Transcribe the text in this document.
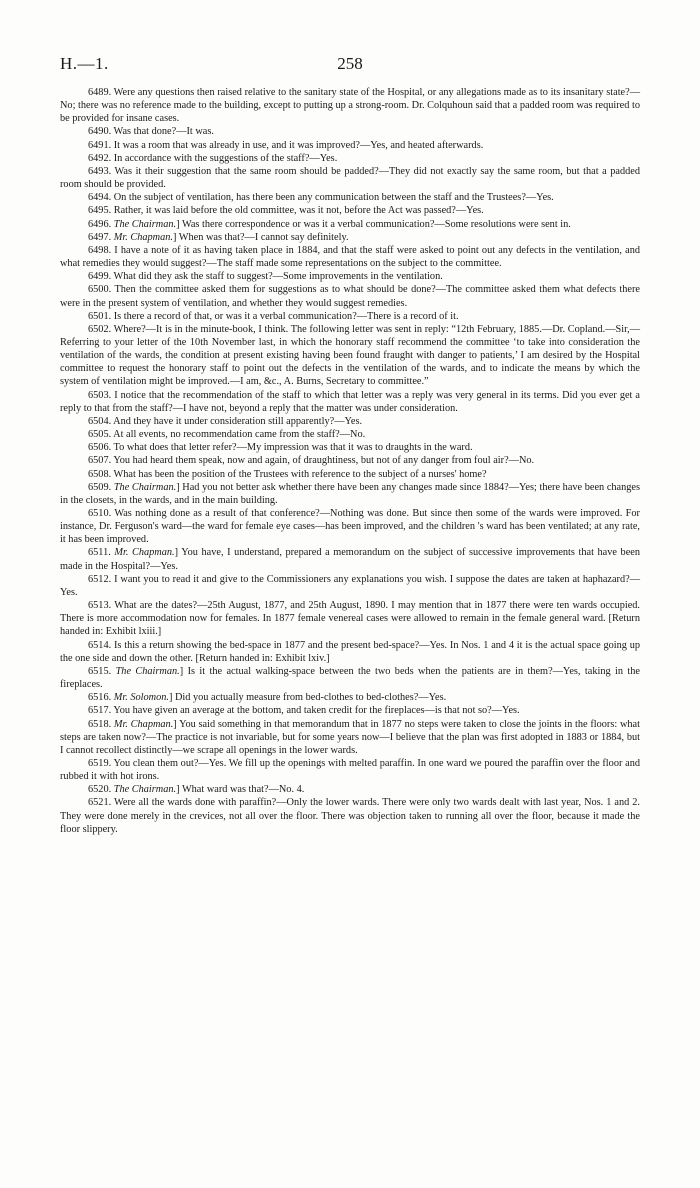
H.—1.	258

6489. Were any questions then raised relative to the sanitary state of the Hospital, or any allegations made as to its insanitary state?—No; there was no reference made to the building, except to putting up a strong-room. Dr. Colquhoun said that a padded room was required to be provided for insane cases.

6490. Was that done?—It was.

6491. It was a room that was already in use, and it was improved?—Yes, and heated afterwards.

6492. In accordance with the suggestions of the staff?—Yes.

6493. Was it their suggestion that the same room should be padded?—They did not exactly say the same room, but that a padded room should be provided.

6494. On the subject of ventilation, has there been any communication between the staff and the Trustees?—Yes.

6495. Rather, it was laid before the old committee, was it not, before the Act was passed?—Yes.

6496. The Chairman.] Was there correspondence or was it a verbal communication?—Some resolutions were sent in.

6497. Mr. Chapman.] When was that?—I cannot say definitely.

6498. I have a note of it as having taken place in 1884, and that the staff were asked to point out any defects in the ventilation, and what remedies they would suggest?—The staff made some representations on the subject to the committee.

6499. What did they ask the staff to suggest?—Some improvements in the ventilation.

6500. Then the committee asked them for suggestions as to what should be done?—The committee asked them what defects there were in the present system of ventilation, and whether they would suggest remedies.

6501. Is there a record of that, or was it a verbal communication?—There is a record of it.

6502. Where?—It is in the minute-book, I think. The following letter was sent in reply: “12th February, 1885.—Dr. Copland.—Sir,—Referring to your letter of the 10th November last, in which the honorary staff recommend the committee ‘to take into consideration the ventilation of the wards, the condition at present existing having been found fraught with danger to patients,’ I am desired by the Hospital committee to request the honorary staff to point out the defects in the ventilation of the wards, and to indicate the means by which the system of ventilation might be improved.—I am, &c., A. Burns, Secretary to committee.”

6503. I notice that the recommendation of the staff to which that letter was a reply was very general in its terms. Did you ever get a reply to that from the staff?—I have not, beyond a reply that the matter was under consideration.

6504. And they have it under consideration still apparently?—Yes.

6505. At all events, no recommendation came from the staff?—No.

6506. To what does that letter refer?—My impression was that it was to draughts in the ward.

6507. You had heard them speak, now and again, of draughtiness, but not of any danger from foul air?—No.

6508. What has been the position of the Trustees with reference to the subject of a nurses' home?

6509. The Chairman.] Had you not better ask whether there have been any changes made since 1884?—Yes; there have been changes in the closets, in the wards, and in the main building.

6510. Was nothing done as a result of that conference?—Nothing was done. But since then some of the wards were improved. For instance, Dr. Ferguson's ward—the ward for female eye cases—has been improved, and the children 's ward has been ventilated; at any rate, it has been improved.

6511. Mr. Chapman.] You have, I understand, prepared a memorandum on the subject of successive improvements that have been made in the Hospital?—Yes.

6512. I want you to read it and give to the Commissioners any explanations you wish. I suppose the dates are taken at haphazard?—Yes.

6513. What are the dates?—25th August, 1877, and 25th August, 1890. I may mention that in 1877 there were ten wards occupied. There is more accommodation now for females. In 1877 female venereal cases were allowed to remain in the female general ward. [Return handed in: Exhibit lxiii.]

6514. Is this a return showing the bed-space in 1877 and the present bed-space?—Yes. In Nos. 1 and 4 it is the actual space going up the one side and down the other. [Return handed in: Exhibit lxiv.]

6515. The Chairman.] Is it the actual walking-space between the two beds when the patients are in them?—Yes, taking in the fireplaces.

6516. Mr. Solomon.] Did you actually measure from bed-clothes to bed-clothes?—Yes.

6517. You have given an average at the bottom, and taken credit for the fireplaces—is that not so?—Yes.

6518. Mr. Chapman.] You said something in that memorandum that in 1877 no steps were taken to close the joints in the floors: what steps are taken now?—The practice is not invariable, but for some years now—I believe that the plan was first adopted in 1883 or 1884, but I cannot recollect distinctly—we scrape all openings in the lower wards.

6519. You clean them out?—Yes. We fill up the openings with melted paraffin. In one ward we poured the paraffin over the floor and rubbed it with hot irons.

6520. The Chairman.] What ward was that?—No. 4.

6521. Were all the wards done with paraffin?—Only the lower wards. There were only two wards dealt with last year, Nos. 1 and 2. They were done merely in the crevices, not all over the floor. There was objection taken to running all over the floor, because it made the floor slippery.
